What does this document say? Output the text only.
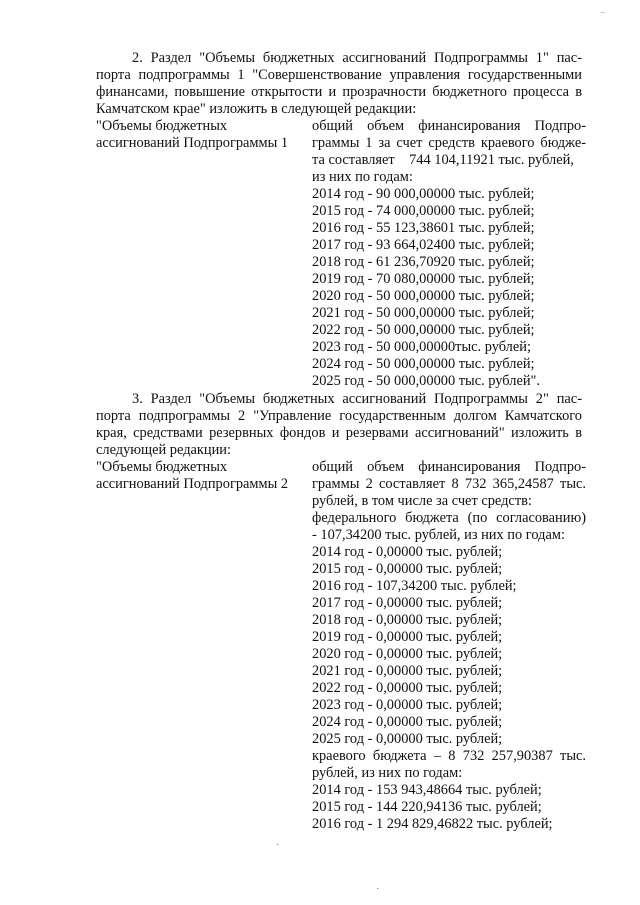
2. Раздел "Объемы бюджетных ассигнований Подпрограммы 1" пас-
порта подпрограммы 1 "Совершенствование управления государственными
финансами, повышение открытости и прозрачности бюджетного процесса в
Камчатском крае" изложить в следующей редакции:
"Объемы бюджетных
ассигнований Подпрограммы 1
общий объем финансирования Подпро-
граммы 1 за счет средств краевого бюдже-
та составляет    744 104,11921 тыс. рублей,
из них по годам:
2014 год - 90 000,00000 тыс. рублей;
2015 год - 74 000,00000 тыс. рублей;
2016 год - 55 123,38601 тыс. рублей;
2017 год - 93 664,02400 тыс. рублей;
2018 год - 61 236,70920 тыс. рублей;
2019 год - 70 080,00000 тыс. рублей;
2020 год - 50 000,00000 тыс. рублей;
2021 год - 50 000,00000 тыс. рублей;
2022 год - 50 000,00000 тыс. рублей;
2023 год - 50 000,00000тыс. рублей;
2024 год - 50 000,00000 тыс. рублей;
2025 год - 50 000,00000 тыс. рублей".
3. Раздел "Объемы бюджетных ассигнований Подпрограммы 2" пас-
порта подпрограммы 2 "Управление государственным долгом Камчатского
края, средствами резервных фондов и резервами ассигнований" изложить в
следующей редакции:
"Объемы бюджетных
ассигнований Подпрограммы 2
общий объем финансирования Подпро-
граммы 2 составляет 8 732 365,24587 тыс.
рублей, в том числе за счет средств:
федерального бюджета (по согласованию)
- 107,34200 тыс. рублей, из них по годам:
2014 год - 0,00000 тыс. рублей;
2015 год - 0,00000 тыс. рублей;
2016 год - 107,34200 тыс. рублей;
2017 год - 0,00000 тыс. рублей;
2018 год - 0,00000 тыс. рублей;
2019 год - 0,00000 тыс. рублей;
2020 год - 0,00000 тыс. рублей;
2021 год - 0,00000 тыс. рублей;
2022 год - 0,00000 тыс. рублей;
2023 год - 0,00000 тыс. рублей;
2024 год - 0,00000 тыс. рублей;
2025 год - 0,00000 тыс. рублей;
краевого бюджета – 8 732 257,90387 тыс.
рублей, из них по годам:
2014 год - 153 943,48664 тыс. рублей;
2015 год - 144 220,94136 тыс. рублей;
2016 год - 1 294 829,46822 тыс. рублей;
⁻
·
·
